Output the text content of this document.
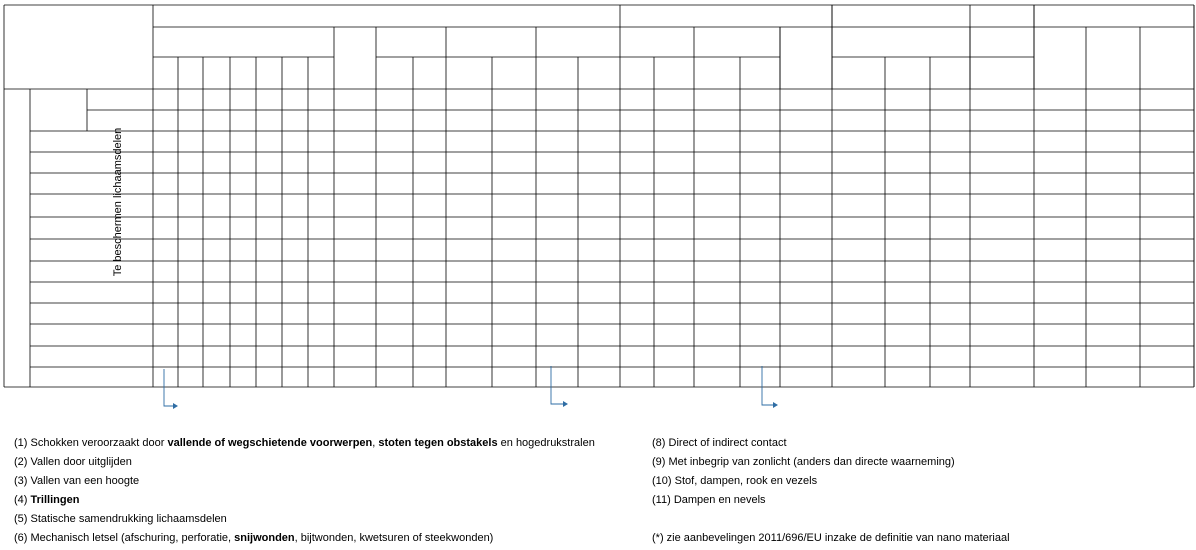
Te beschermen lichaamsdelen
(1) Schokken veroorzaakt door vallende of wegschietende voorwerpen, stoten tegen obstakels en hogedrukstralen
(2) Vallen door uitglijden
(3) Vallen van een hoogte
(4) Trillingen
(5) Statische samendrukking lichaamsdelen
(6) Mechanisch letsel (afschuring, perforatie, snijwonden, bijtwonden, kwetsuren of steekwonden)
(8) Direct of indirect contact
(9) Met inbegrip van zonlicht (anders dan directe waarneming)
(10) Stof, dampen, rook en vezels
(11) Dampen en nevels
(*) zie aanbevelingen 2011/696/EU inzake de definitie van nano materiaal
